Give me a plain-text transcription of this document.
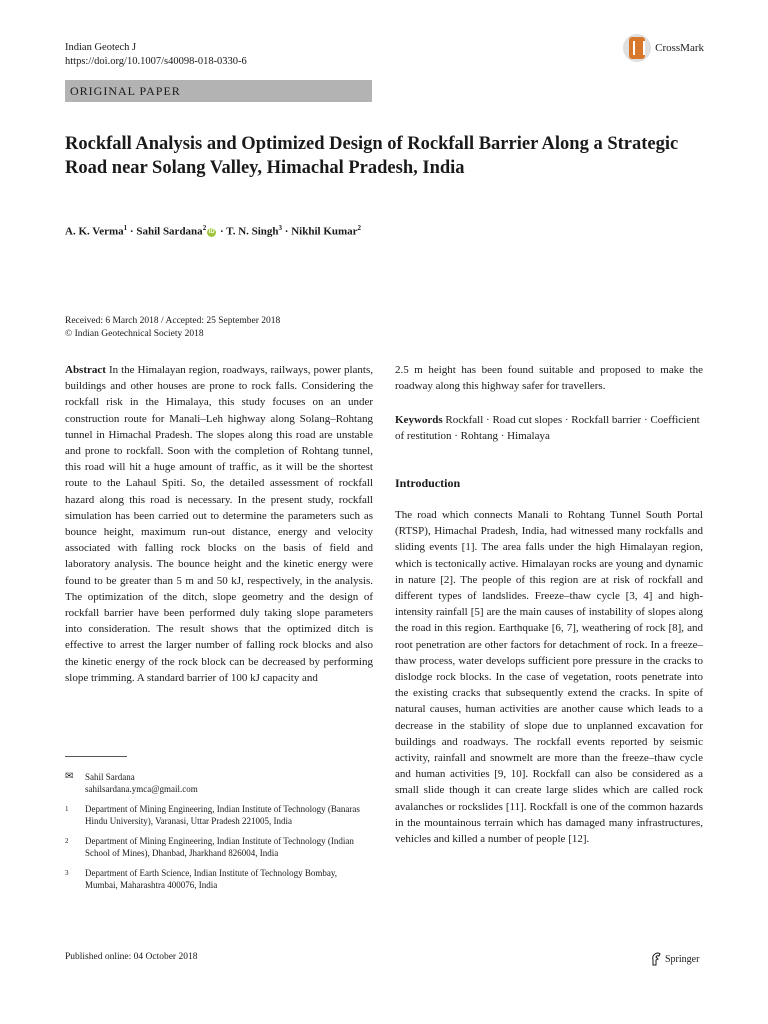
Indian Geotech J
https://doi.org/10.1007/s40098-018-0330-6
CrossMark
ORIGINAL PAPER
Rockfall Analysis and Optimized Design of Rockfall Barrier Along a Strategic Road near Solang Valley, Himachal Pradesh, India
A. K. Verma$^1$ · Sahil Sardana$^2$ iD · T. N. Singh$^3$ · Nikhil Kumar$^2$
Received: 6 March 2018 / Accepted: 25 September 2018
© Indian Geotechnical Society 2018
Abstract In the Himalayan region, roadways, railways, power plants, buildings and other houses are prone to rock falls. Considering the rockfall risk in the Himalaya, this study focuses on an under construction route for Manali–Leh highway along Solang–Rohtang tunnel in Himachal Pradesh. The slopes along this road are unstable and prone to rockfall. Soon with the completion of Rohtang tunnel, this road will hit a huge amount of traffic, as it will be the shortest route to the Lahaul Spiti. So, the detailed assessment of rockfall hazard along this road is necessary. In the present study, rockfall simulation has been carried out to determine the parameters such as bounce height, maximum run-out distance, energy and velocity associated with falling rock blocks on the basis of field and laboratory analysis. The bounce height and the kinetic energy were found to be greater than 5 m and 50 kJ, respectively, in the analysis. The optimization of the ditch, slope geometry and the design of rockfall barrier have been performed duly taking slope parameters into consideration. The result shows that the optimized ditch is effective to arrest the larger number of falling rock blocks and also the kinetic energy of the rock block can be decreased by performing slope trimming. A standard barrier of 100 kJ capacity and
2.5 m height has been found suitable and proposed to make the roadway along this highway safer for travellers.
Keywords Rockfall · Road cut slopes · Rockfall barrier · Coefficient of restitution · Rohtang · Himalaya
Introduction
The road which connects Manali to Rohtang Tunnel South Portal (RTSP), Himachal Pradesh, India, had witnessed many rockfalls and sliding events [1]. The area falls under the high Himalayan region, which is tectonically active. Himalayan rocks are young and dynamic in nature [2]. The people of this region are at risk of rockfall and different types of landslides. Freeze–thaw cycle [3, 4] and high-intensity rainfall [5] are the main causes of instability of slopes along the road in this region. Earthquake [6, 7], weathering of rock [8], and root penetration are other factors for detachment of rock. In a freeze–thaw process, water develops sufficient pore pressure in the cracks to dislodge rock blocks. In the case of vegetation, roots penetrate into the existing cracks that subsequently extend the cracks. In spite of natural causes, human activities are another cause which leads to a decrease in the stability of slope due to unplanned excavation for buildings and roadways. The rockfall events reported by seismic activity, rainfall and snowmelt are more than the freeze–thaw cycle and human activities [9, 10]. Rockfall can also be considered as a small slide though it can create large slides which are called rock avalanches or rockslides [11]. Rockfall is one of the common hazards in the mountainous terrain which has damaged many infrastructures, vehicles and killed a number of people [12].
✉	Sahil Sardana
sahilsardana.ymca@gmail.com
1	Department of Mining Engineering, Indian Institute of Technology (Banaras Hindu University), Varanasi, Uttar Pradesh 221005, India
2	Department of Mining Engineering, Indian Institute of Technology (Indian School of Mines), Dhanbad, Jharkhand 826004, India
3	Department of Earth Science, Indian Institute of Technology Bombay, Mumbai, Maharashtra 400076, India
Published online: 04 October 2018	Springer
